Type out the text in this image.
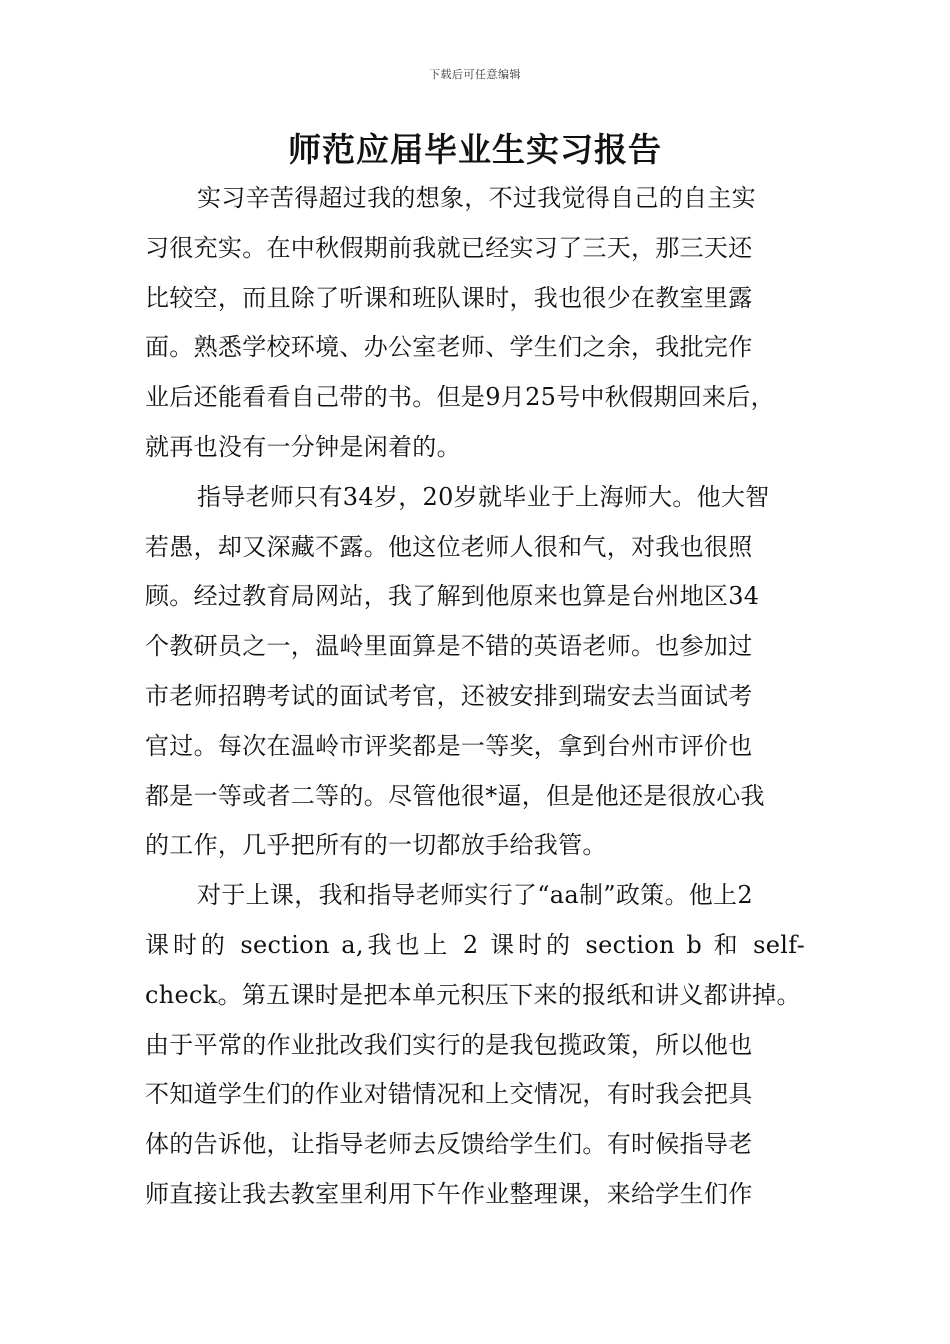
下载后可任意编辑
师范应届毕业生实习报告

实习辛苦得超过我的想象，不过我觉得自己的自主实
习很充实。在中秋假期前我就已经实习了三天，那三天还
比较空，而且除了听课和班队课时，我也很少在教室里露
面。熟悉学校环境、办公室老师、学生们之余，我批完作
业后还能看看自己带的书。但是9月25号中秋假期回来后，
就再也没有一分钟是闲着的。

指导老师只有34岁，20岁就毕业于上海师大。他大智
若愚，却又深藏不露。他这位老师人很和气，对我也很照
顾。经过教育局网站，我了解到他原来也算是台州地区34
个教研员之一，温岭里面算是不错的英语老师。也参加过
市老师招聘考试的面试考官，还被安排到瑞安去当面试考
官过。每次在温岭市评奖都是一等奖，拿到台州市评价也
都是一等或者二等的。尽管他很*逼，但是他还是很放心我
的工作，几乎把所有的一切都放手给我管。

对于上课，我和指导老师实行了“aa制”政策。他上2
课时的 section a,我也上 2 课时的 section b 和 self-
check。第五课时是把本单元积压下来的报纸和讲义都讲掉。
由于平常的作业批改我们实行的是我包揽政策，所以他也
不知道学生们的作业对错情况和上交情况，有时我会把具
体的告诉他，让指导老师去反馈给学生们。有时候指导老
师直接让我去教室里利用下午作业整理课，来给学生们作
